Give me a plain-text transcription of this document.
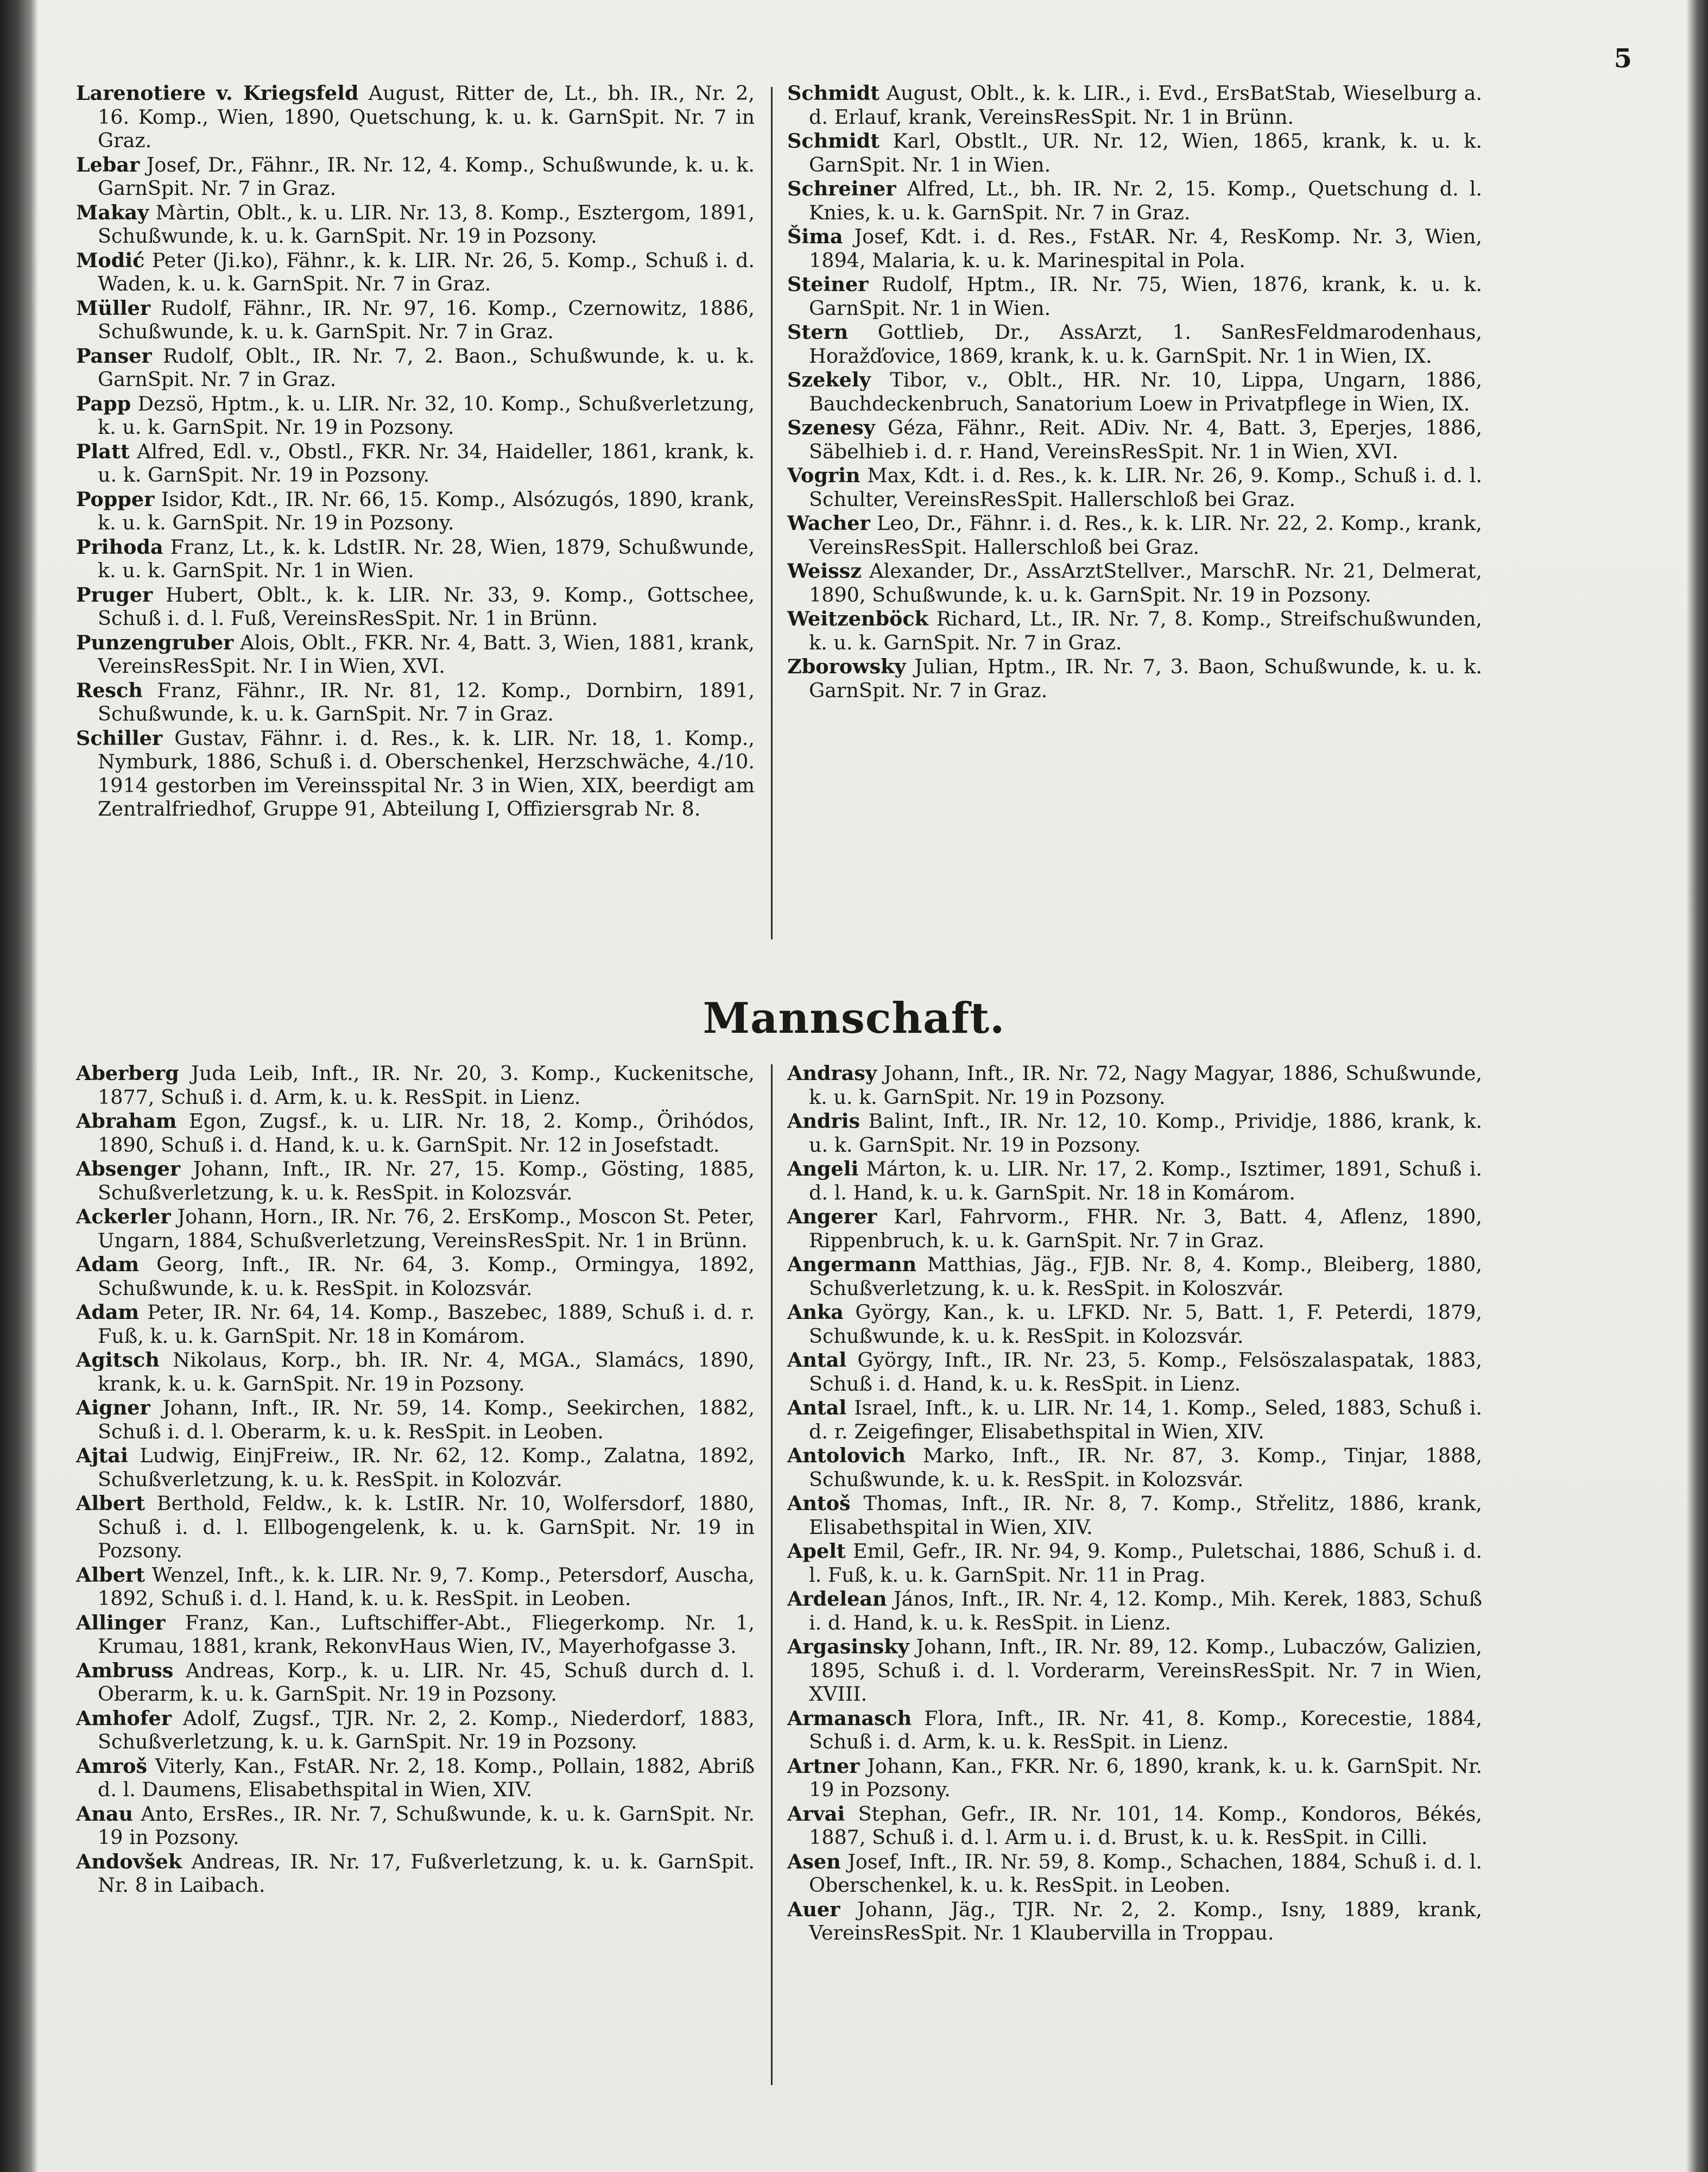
5

Larenotiere v. Kriegsfeld August, Ritter de, Lt., bh. IR., Nr. 2, 16. Komp., Wien, 1890, Quetschung, k. u. k. GarnSpit. Nr. 7 in Graz.

Lebar Josef, Dr., Fähnr., IR. Nr. 12, 4. Komp., Schußwunde, k. u. k. GarnSpit. Nr. 7 in Graz.

Makay Màrtin, Oblt., k. u. LIR. Nr. 13, 8. Komp., Esztergom, 1891, Schußwunde, k. u. k. GarnSpit. Nr. 19 in Pozsony.

Modić Peter (Ji.ko), Fähnr., k. k. LIR. Nr. 26, 5. Komp., Schuß i. d. Waden, k. u. k. GarnSpit. Nr. 7 in Graz.

Müller Rudolf, Fähnr., IR. Nr. 97, 16. Komp., Czernowitz, 1886, Schußwunde, k. u. k. GarnSpit. Nr. 7 in Graz.

Panser Rudolf, Oblt., IR. Nr. 7, 2. Baon., Schußwunde, k. u. k. GarnSpit. Nr. 7 in Graz.

Papp Dezsö, Hptm., k. u. LIR. Nr. 32, 10. Komp., Schußverletzung, k. u. k. GarnSpit. Nr. 19 in Pozsony.

Platt Alfred, Edl. v., Obstl., FKR. Nr. 34, Haideller, 1861, krank, k. u. k. GarnSpit. Nr. 19 in Pozsony.

Popper Isidor, Kdt., IR. Nr. 66, 15. Komp., Alsózugós, 1890, krank, k. u. k. GarnSpit. Nr. 19 in Pozsony.

Prihoda Franz, Lt., k. k. LdstIR. Nr. 28, Wien, 1879, Schußwunde, k. u. k. GarnSpit. Nr. 1 in Wien.

Pruger Hubert, Oblt., k. k. LIR. Nr. 33, 9. Komp., Gottschee, Schuß i. d. l. Fuß, VereinsResSpit. Nr. 1 in Brünn.

Punzengruber Alois, Oblt., FKR. Nr. 4, Batt. 3, Wien, 1881, krank, VereinsResSpit. Nr. I in Wien, XVI.

Resch Franz, Fähnr., IR. Nr. 81, 12. Komp., Dornbirn, 1891, Schußwunde, k. u. k. GarnSpit. Nr. 7 in Graz.

Schiller Gustav, Fähnr. i. d. Res., k. k. LIR. Nr. 18, 1. Komp., Nymburk, 1886, Schuß i. d. Oberschenkel, Herzschwäche, 4./10. 1914 gestorben im Vereinsspital Nr. 3 in Wien, XIX, beerdigt am Zentralfriedhof, Gruppe 91, Abteilung I, Offiziersgrab Nr. 8.

Schmidt August, Oblt., k. k. LIR., i. Evd., ErsBatStab, Wieselburg a. d. Erlauf, krank, VereinsResSpit. Nr. 1 in Brünn.

Schmidt Karl, Obstlt., UR. Nr. 12, Wien, 1865, krank, k. u. k. GarnSpit. Nr. 1 in Wien.

Schreiner Alfred, Lt., bh. IR. Nr. 2, 15. Komp., Quetschung d. l. Knies, k. u. k. GarnSpit. Nr. 7 in Graz.

Šima Josef, Kdt. i. d. Res., FstAR. Nr. 4, ResKomp. Nr. 3, Wien, 1894, Malaria, k. u. k. Marinespital in Pola.

Steiner Rudolf, Hptm., IR. Nr. 75, Wien, 1876, krank, k. u. k. GarnSpit. Nr. 1 in Wien.

Stern Gottlieb, Dr., AssArzt, 1. SanResFeldmarodenhaus, Horažďovice, 1869, krank, k. u. k. GarnSpit. Nr. 1 in Wien, IX.

Szekely Tibor, v., Oblt., HR. Nr. 10, Lippa, Ungarn, 1886, Bauchdeckenbruch, Sanatorium Loew in Privatpflege in Wien, IX.

Szenesy Géza, Fähnr., Reit. ADiv. Nr. 4, Batt. 3, Eperjes, 1886, Säbelhieb i. d. r. Hand, VereinsResSpit. Nr. 1 in Wien, XVI.

Vogrin Max, Kdt. i. d. Res., k. k. LIR. Nr. 26, 9. Komp., Schuß i. d. l. Schulter, VereinsResSpit. Hallerschloß bei Graz.

Wacher Leo, Dr., Fähnr. i. d. Res., k. k. LIR. Nr. 22, 2. Komp., krank, VereinsResSpit. Hallerschloß bei Graz.

Weissz Alexander, Dr., AssArztStellver., MarschR. Nr. 21, Delmerat, 1890, Schußwunde, k. u. k. GarnSpit. Nr. 19 in Pozsony.

Weitzenböck Richard, Lt., IR. Nr. 7, 8. Komp., Streifschußwunden, k. u. k. GarnSpit. Nr. 7 in Graz.

Zborowsky Julian, Hptm., IR. Nr. 7, 3. Baon, Schußwunde, k. u. k. GarnSpit. Nr. 7 in Graz.

Mannschaft.

Aberberg Juda Leib, Inft., IR. Nr. 20, 3. Komp., Kuckenitsche, 1877, Schuß i. d. Arm, k. u. k. ResSpit. in Lienz.

Abraham Egon, Zugsf., k. u. LIR. Nr. 18, 2. Komp., Örihódos, 1890, Schuß i. d. Hand, k. u. k. GarnSpit. Nr. 12 in Josefstadt.

Absenger Johann, Inft., IR. Nr. 27, 15. Komp., Gösting, 1885, Schußverletzung, k. u. k. ResSpit. in Kolozsvár.

Ackerler Johann, Horn., IR. Nr. 76, 2. ErsKomp., Moscon St. Peter, Ungarn, 1884, Schußverletzung, VereinsResSpit. Nr. 1 in Brünn.

Adam Georg, Inft., IR. Nr. 64, 3. Komp., Ormingya, 1892, Schußwunde, k. u. k. ResSpit. in Kolozsvár.

Adam Peter, IR. Nr. 64, 14. Komp., Baszebec, 1889, Schuß i. d. r. Fuß, k. u. k. GarnSpit. Nr. 18 in Komárom.

Agitsch Nikolaus, Korp., bh. IR. Nr. 4, MGA., Slamács, 1890, krank, k. u. k. GarnSpit. Nr. 19 in Pozsony.

Aigner Johann, Inft., IR. Nr. 59, 14. Komp., Seekirchen, 1882, Schuß i. d. l. Oberarm, k. u. k. ResSpit. in Leoben.

Ajtai Ludwig, EinjFreiw., IR. Nr. 62, 12. Komp., Zalatna, 1892, Schußverletzung, k. u. k. ResSpit. in Kolozvár.

Albert Berthold, Feldw., k. k. LstIR. Nr. 10, Wolfersdorf, 1880, Schuß i. d. l. Ellbogengelenk, k. u. k. GarnSpit. Nr. 19 in Pozsony.

Albert Wenzel, Inft., k. k. LIR. Nr. 9, 7. Komp., Petersdorf, Auscha, 1892, Schuß i. d. l. Hand, k. u. k. ResSpit. in Leoben.

Allinger Franz, Kan., Luftschiffer-Abt., Fliegerkomp. Nr. 1, Krumau, 1881, krank, RekonvHaus Wien, IV., Mayerhofgasse 3.

Ambruss Andreas, Korp., k. u. LIR. Nr. 45, Schuß durch d. l. Oberarm, k. u. k. GarnSpit. Nr. 19 in Pozsony.

Amhofer Adolf, Zugsf., TJR. Nr. 2, 2. Komp., Niederdorf, 1883, Schußverletzung, k. u. k. GarnSpit. Nr. 19 in Pozsony.

Amroš Viterly, Kan., FstAR. Nr. 2, 18. Komp., Pollain, 1882, Abriß d. l. Daumens, Elisabethspital in Wien, XIV.

Anau Anto, ErsRes., IR. Nr. 7, Schußwunde, k. u. k. GarnSpit. Nr. 19 in Pozsony.

Andovšek Andreas, IR. Nr. 17, Fußverletzung, k. u. k. GarnSpit. Nr. 8 in Laibach.

Andrasy Johann, Inft., IR. Nr. 72, Nagy Magyar, 1886, Schußwunde, k. u. k. GarnSpit. Nr. 19 in Pozsony.

Andris Balint, Inft., IR. Nr. 12, 10. Komp., Prividje, 1886, krank, k. u. k. GarnSpit. Nr. 19 in Pozsony.

Angeli Márton, k. u. LIR. Nr. 17, 2. Komp., Isztimer, 1891, Schuß i. d. l. Hand, k. u. k. GarnSpit. Nr. 18 in Komárom.

Angerer Karl, Fahrvorm., FHR. Nr. 3, Batt. 4, Aflenz, 1890, Rippenbruch, k. u. k. GarnSpit. Nr. 7 in Graz.

Angermann Matthias, Jäg., FJB. Nr. 8, 4. Komp., Bleiberg, 1880, Schußverletzung, k. u. k. ResSpit. in Koloszvár.

Anka György, Kan., k. u. LFKD. Nr. 5, Batt. 1, F. Peterdi, 1879, Schußwunde, k. u. k. ResSpit. in Kolozsvár.

Antal György, Inft., IR. Nr. 23, 5. Komp., Felsöszalaspatak, 1883, Schuß i. d. Hand, k. u. k. ResSpit. in Lienz.

Antal Israel, Inft., k. u. LIR. Nr. 14, 1. Komp., Seled, 1883, Schuß i. d. r. Zeigefinger, Elisabethspital in Wien, XIV.

Antolovich Marko, Inft., IR. Nr. 87, 3. Komp., Tinjar, 1888, Schußwunde, k. u. k. ResSpit. in Kolozsvár.

Antoš Thomas, Inft., IR. Nr. 8, 7. Komp., Střelitz, 1886, krank, Elisabethspital in Wien, XIV.

Apelt Emil, Gefr., IR. Nr. 94, 9. Komp., Puletschai, 1886, Schuß i. d. l. Fuß, k. u. k. GarnSpit. Nr. 11 in Prag.

Ardelean János, Inft., IR. Nr. 4, 12. Komp., Mih. Kerek, 1883, Schuß i. d. Hand, k. u. k. ResSpit. in Lienz.

Argasinsky Johann, Inft., IR. Nr. 89, 12. Komp., Lubaczów, Galizien, 1895, Schuß i. d. l. Vorderarm, VereinsResSpit. Nr. 7 in Wien, XVIII.

Armanasch Flora, Inft., IR. Nr. 41, 8. Komp., Korecestie, 1884, Schuß i. d. Arm, k. u. k. ResSpit. in Lienz.

Artner Johann, Kan., FKR. Nr. 6, 1890, krank, k. u. k. GarnSpit. Nr. 19 in Pozsony.

Arvai Stephan, Gefr., IR. Nr. 101, 14. Komp., Kondoros, Békés, 1887, Schuß i. d. l. Arm u. i. d. Brust, k. u. k. ResSpit. in Cilli.

Asen Josef, Inft., IR. Nr. 59, 8. Komp., Schachen, 1884, Schuß i. d. l. Oberschenkel, k. u. k. ResSpit. in Leoben.

Auer Johann, Jäg., TJR. Nr. 2, 2. Komp., Isny, 1889, krank, VereinsResSpit. Nr. 1 Klaubervilla in Troppau.
